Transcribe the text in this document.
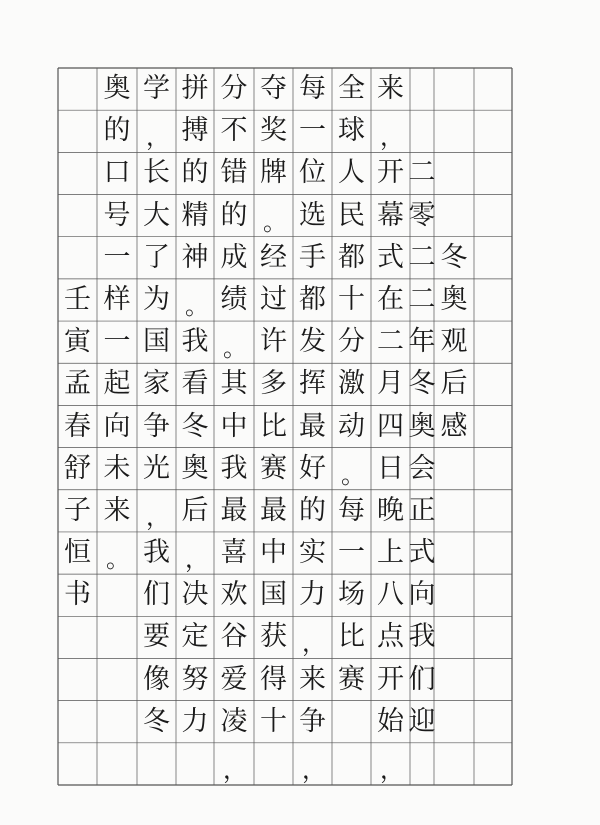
壬
寅
孟
春
舒
子
恒
书
奥
的
口
号
一
样
一
起
向
未
来
。
学
，
长
大
了
为
国
家
争
光
，
我
们
要
像
冬
拼
搏
的
精
神
。
我
看
冬
奥
后
，
决
定
努
力
分
不
错
的
成
绩
。
其
中
我
最
喜
欢
谷
爱
凌
，
夺
奖
牌
。
经
过
许
多
比
赛
最
中
国
获
得
十
每
一
位
选
手
都
发
挥
最
好
的
实
力
，
来
争
，
全
球
人
民
都
十
分
激
动
。
每
一
场
比
赛
来
，
开
幕
式
在
二
月
四
日
晚
上
八
点
开
始
，
二
零
二
二
年
冬
奥
会
正
式
向
我
们
迎
冬
奥
观
后
感
